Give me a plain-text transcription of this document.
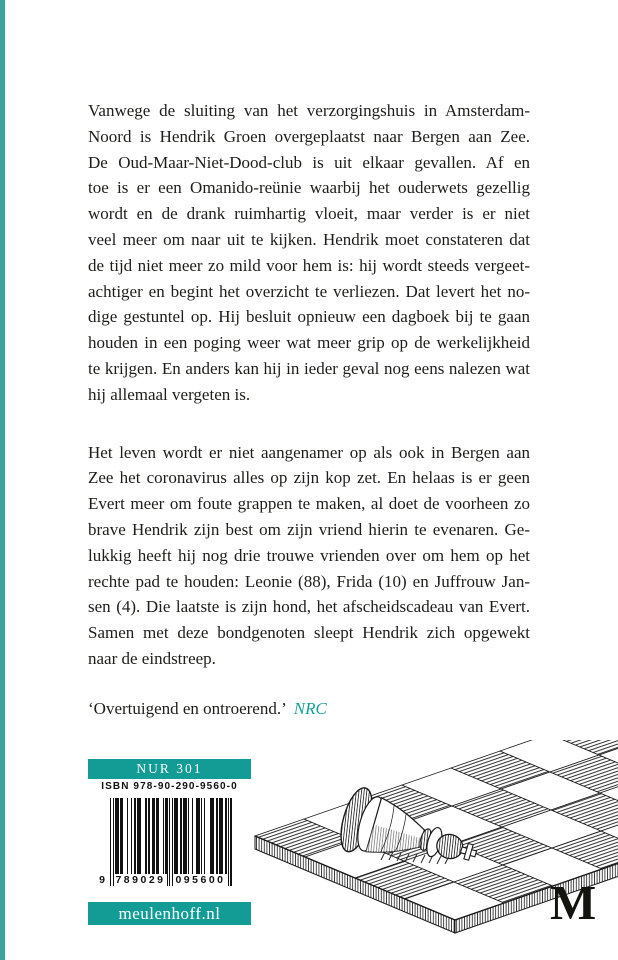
Vanwege de sluiting van het verzorgingshuis in Amsterdam-
Noord is Hendrik Groen overgeplaatst naar Bergen aan Zee.
De Oud-Maar-Niet-Dood-club is uit elkaar gevallen. Af en
toe is er een Omanido-reünie waarbij het ouderwets gezellig
wordt en de drank ruimhartig vloeit, maar verder is er niet
veel meer om naar uit te kijken. Hendrik moet constateren dat
de tijd niet meer zo mild voor hem is: hij wordt steeds vergeet-
achtiger en begint het overzicht te verliezen. Dat levert het no-
dige gestuntel op. Hij besluit opnieuw een dagboek bij te gaan
houden in een poging weer wat meer grip op de werkelijkheid
te krijgen. En anders kan hij in ieder geval nog eens nalezen wat
hij allemaal vergeten is.
Het leven wordt er niet aangenamer op als ook in Bergen aan
Zee het coronavirus alles op zijn kop zet. En helaas is er geen
Evert meer om foute grappen te maken, al doet de voorheen zo
brave Hendrik zijn best om zijn vriend hierin te evenaren. Ge-
lukkig heeft hij nog drie trouwe vrienden over om hem op het
rechte pad te houden: Leonie (88), Frida (10) en Juffrouw Jan-
sen (4). Die laatste is zijn hond, het afscheidscadeau van Evert.
Samen met deze bondgenoten sleept Hendrik zich opgewekt
naar de eindstreep.
‘Overtuigend en ontroerend.’ NRC
NUR 301
ISBN 978-90-290-9560-0
9 789029 095600
meulenhoff.nl	M
